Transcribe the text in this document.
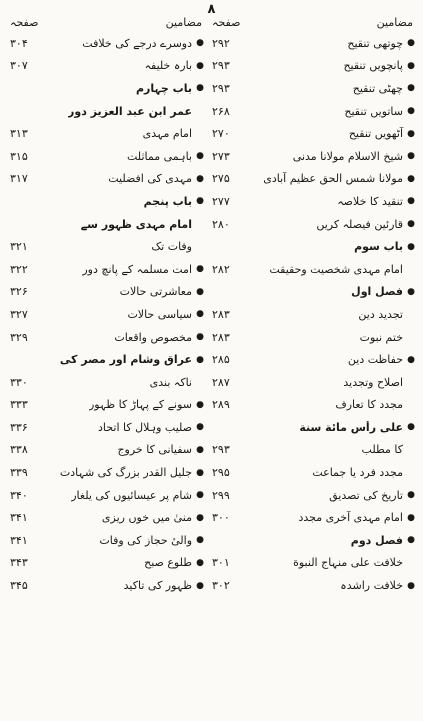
۸
مضامین
صفحہ
●
چوتھی تنقیح
۲۹۲
●
پانچویں تنقیح
۲۹۳
●
چھٹی تنقیح
۲۹۳
●
ساتویں تنقیح
۲۶۸
●
آٹھویں تنقیح
۲۷۰
●
شیخ الاسلام مولانا مدنی
۲۷۳
●
مولانا شمس الحق عظیم آبادی
۲۷۵
●
تنقید کا خلاصہ
۲۷۷
●
قارئین فیصلہ کریں
۲۸۰
●
باب سوم
امام مہدی شخصیت وحقیقت
۲۸۲
●
فصل اول
تجدید دین
۲۸۳
ختم نبوت
۲۸۳
●
حفاظت دین
۲۸۵
اصلاح وتجدید
۲۸۷
مجدد کا تعارف
۲۸۹
●
علی رأس مائة سنة
کا مطلب
۲۹۳
مجدد فرد یا جماعت
۲۹۵
●
تاریخ کی تصدیق
۲۹۹
●
امام مہدی آخری مجدد
۳۰۰
●
فصل دوم
خلافت علی منہاج النبوة
۳۰۱
●
خلافت راشدہ
۳۰۲
مضامین
صفحہ
●
دوسرے درجے کی خلافت
۳۰۴
●
بارہ خلیفہ
۳۰۷
●
باب چہارم
عمر ابن عبد العزیز دور
امام مہدی
۳۱۳
●
باہمی مماثلت
۳۱۵
●
مہدی کی افضلیت
۳۱۷
●
باب پنجم
امام مہدی ظہور سے
وفات تک
۳۲۱
●
امت مسلمہ کے پانچ دور
۳۲۲
●
معاشرتی حالات
۳۲۶
●
سیاسی حالات
۳۲۷
●
مخصوص واقعات
۳۲۹
●
عراق وشام اور مصر کی
ناکہ بندی
۳۳۰
●
سونے کے پہاڑ کا ظہور
۳۳۳
●
صلیب وہلال کا اتحاد
۳۳۶
●
سفیانی کا خروج
۳۳۸
●
جلیل القدر بزرگ کی شہادت
۳۳۹
●
شام پر عیسائیوں کی یلغار
۳۴۰
●
منیٰ میں خوں ریزی
۳۴۱
●
والیٔ حجاز کی وفات
۳۴۱
●
طلوع صبح
۳۴۳
●
ظہور کی تاکید
۳۴۵
